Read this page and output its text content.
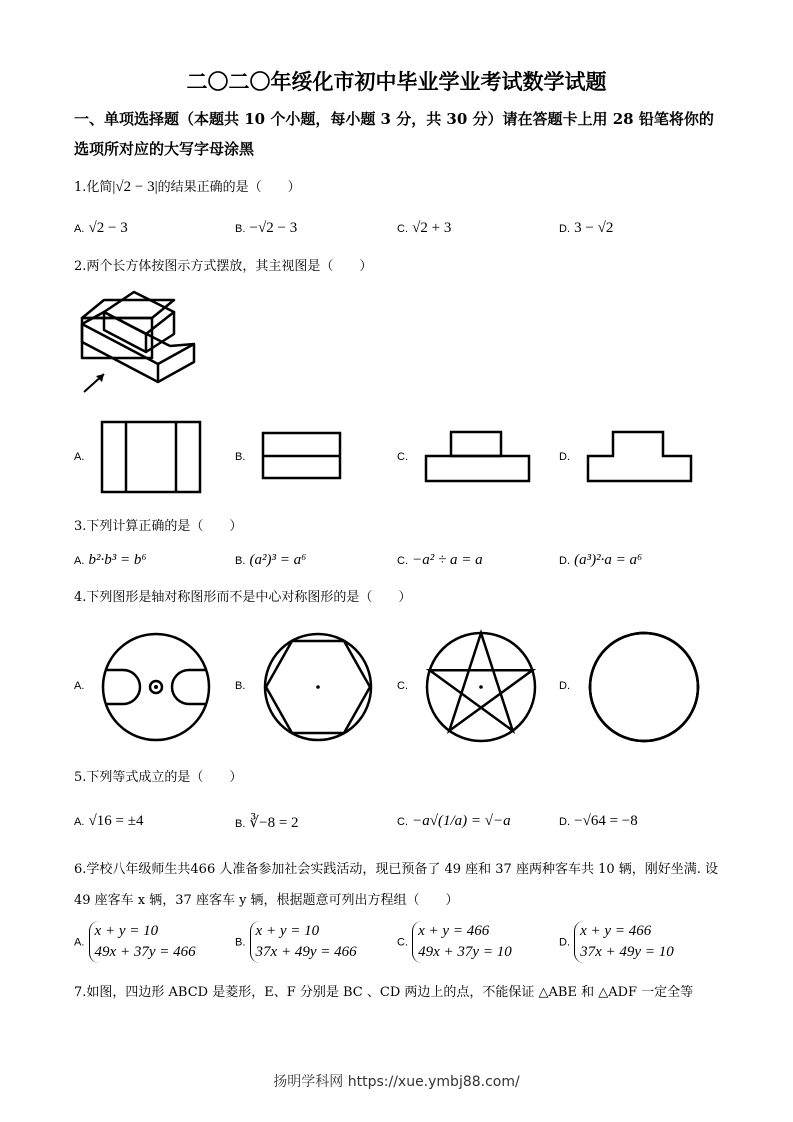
二〇二〇年绥化市初中毕业学业考试数学试题
一、单项选择题（本题共 10 个小题，每小题 3 分，共 30 分）请在答题卡上用 28 铅笔将你的选项所对应的大写字母涂黑
1.化简|√2 − 3|的结果正确的是（　　）
A. √2 − 3	B. −√2 − 3	C. √2 + 3	D. 3 − √2
2.两个长方体按图示方式摆放，其主视图是（　　）
A.	B.	C.	D.
3.下列计算正确的是（　　）
A. b²·b³ = b⁶	B. (a²)³ = a⁶	C. −a² ÷ a = a	D. (a³)²·a = a⁶
4.下列图形是轴对称图形而不是中心对称图形的是（　　）
A.	B.	C.	D.
5.下列等式成立的是（　　）
A. √16 = ±4	B. ∛−8 = 2	C. −a√(1/a) = √−a	D. −√64 = −8
6.学校八年级师生共466 人准备参加社会实践活动，现已预备了 49 座和 37 座两种客车共 10 辆，刚好坐满. 设
49 座客车 x 辆，37 座客车 y 辆，根据题意可列出方程组（　　）
A. x + y = 10
49x + 37y = 466
B. x + y = 10
37x + 49y = 466
C. x + y = 466
49x + 37y = 10
D. x + y = 466
37x + 49y = 10
7.如图，四边形 ABCD 是菱形，E、F 分别是 BC 、CD 两边上的点，不能保证 △ABE 和 △ADF 一定全等
扬明学科网 https://xue.ymbj88.com/
